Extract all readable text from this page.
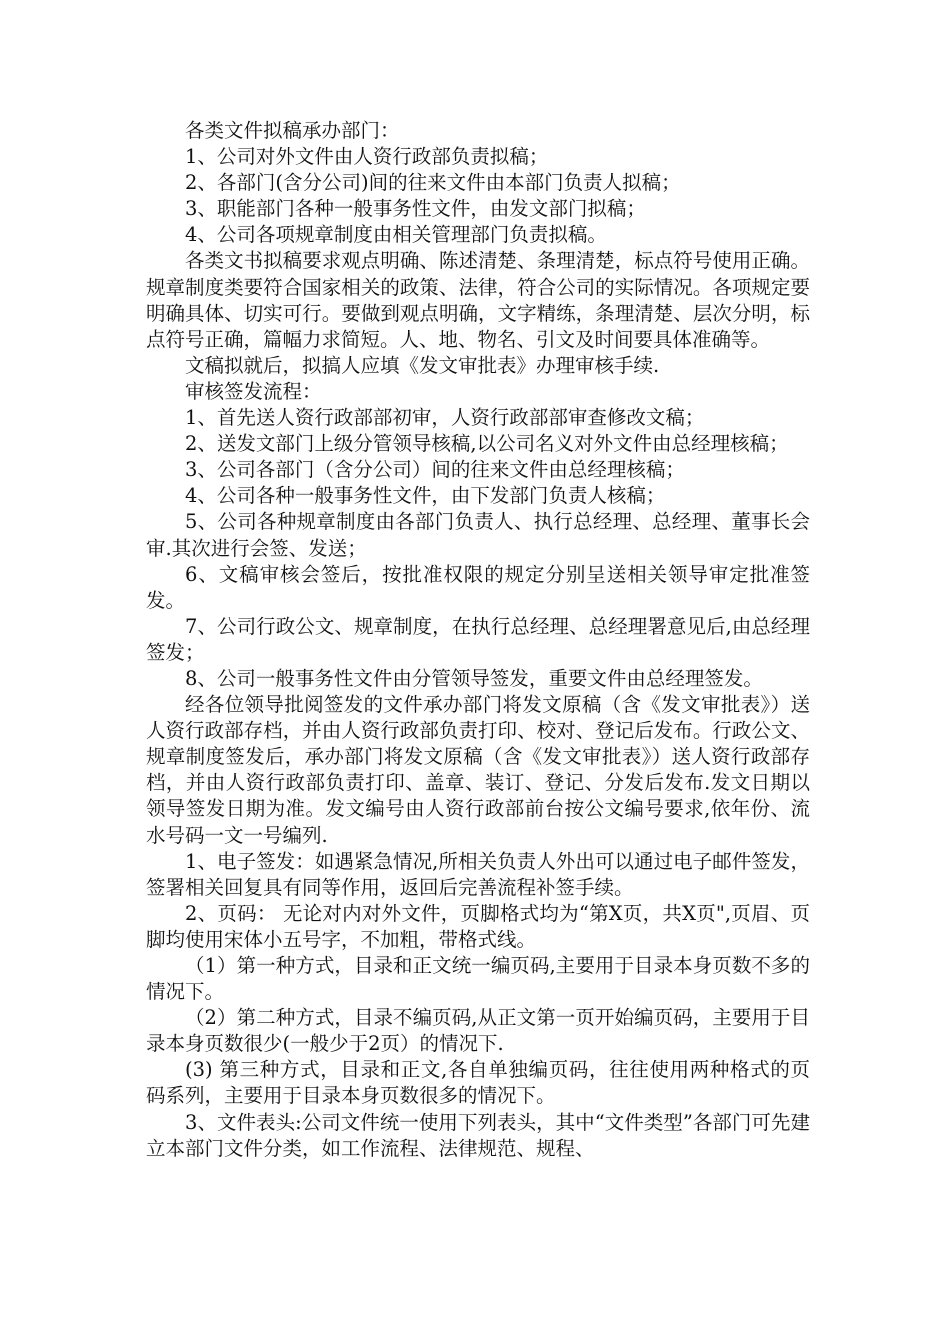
各类文件拟稿承办部门：

1、公司对外文件由人资行政部负责拟稿；

2、各部门(含分公司)间的往来文件由本部门负责人拟稿；

3、职能部门各种一般事务性文件，由发文部门拟稿；

4、公司各项规章制度由相关管理部门负责拟稿。

各类文书拟稿要求观点明确、陈述清楚、条理清楚，标点符号使用正确。规章制度类要符合国家相关的政策、法律，符合公司的实际情况。各项规定要明确具体、切实可行。要做到观点明确，文字精练，条理清楚、层次分明，标点符号正确，篇幅力求简短。人、地、物名、引文及时间要具体准确等。

文稿拟就后，拟搞人应填《发文审批表》办理审核手续.

审核签发流程：

1、首先送人资行政部部初审，人资行政部部审查修改文稿；

2、送发文部门上级分管领导核稿,以公司名义对外文件由总经理核稿；

3、公司各部门（含分公司）间的往来文件由总经理核稿；

4、公司各种一般事务性文件，由下发部门负责人核稿；

5、公司各种规章制度由各部门负责人、执行总经理、总经理、董事长会审.其次进行会签、发送；

6、文稿审核会签后，按批准权限的规定分别呈送相关领导审定批准签发。

7、公司行政公文、规章制度，在执行总经理、总经理署意见后,由总经理签发；

8、公司一般事务性文件由分管领导签发，重要文件由总经理签发。

经各位领导批阅签发的文件承办部门将发文原稿（含《发文审批表》）送人资行政部存档，并由人资行政部负责打印、校对、登记后发布。行政公文、规章制度签发后，承办部门将发文原稿（含《发文审批表》）送人资行政部存档，并由人资行政部负责打印、盖章、装订、登记、分发后发布.发文日期以领导签发日期为准。发文编号由人资行政部前台按公文编号要求,依年份、流水号码一文一号编列.

1、电子签发：如遇紧急情况,所相关负责人外出可以通过电子邮件签发，签署相关回复具有同等作用，返回后完善流程补签手续。

2、页码： 无论对内对外文件，页脚格式均为“第X页，共X页",页眉、页脚均使用宋体小五号字，不加粗，带格式线。

（1）第一种方式，目录和正文统一编页码,主要用于目录本身页数不多的情况下。

（2）第二种方式，目录不编页码,从正文第一页开始编页码，主要用于目录本身页数很少(一般少于2页）的情况下.

(3) 第三种方式，目录和正文,各自单独编页码，往往使用两种格式的页码系列，主要用于目录本身页数很多的情况下。

3、文件表头:公司文件统一使用下列表头，其中“文件类型”各部门可先建立本部门文件分类，如工作流程、法律规范、规程、
